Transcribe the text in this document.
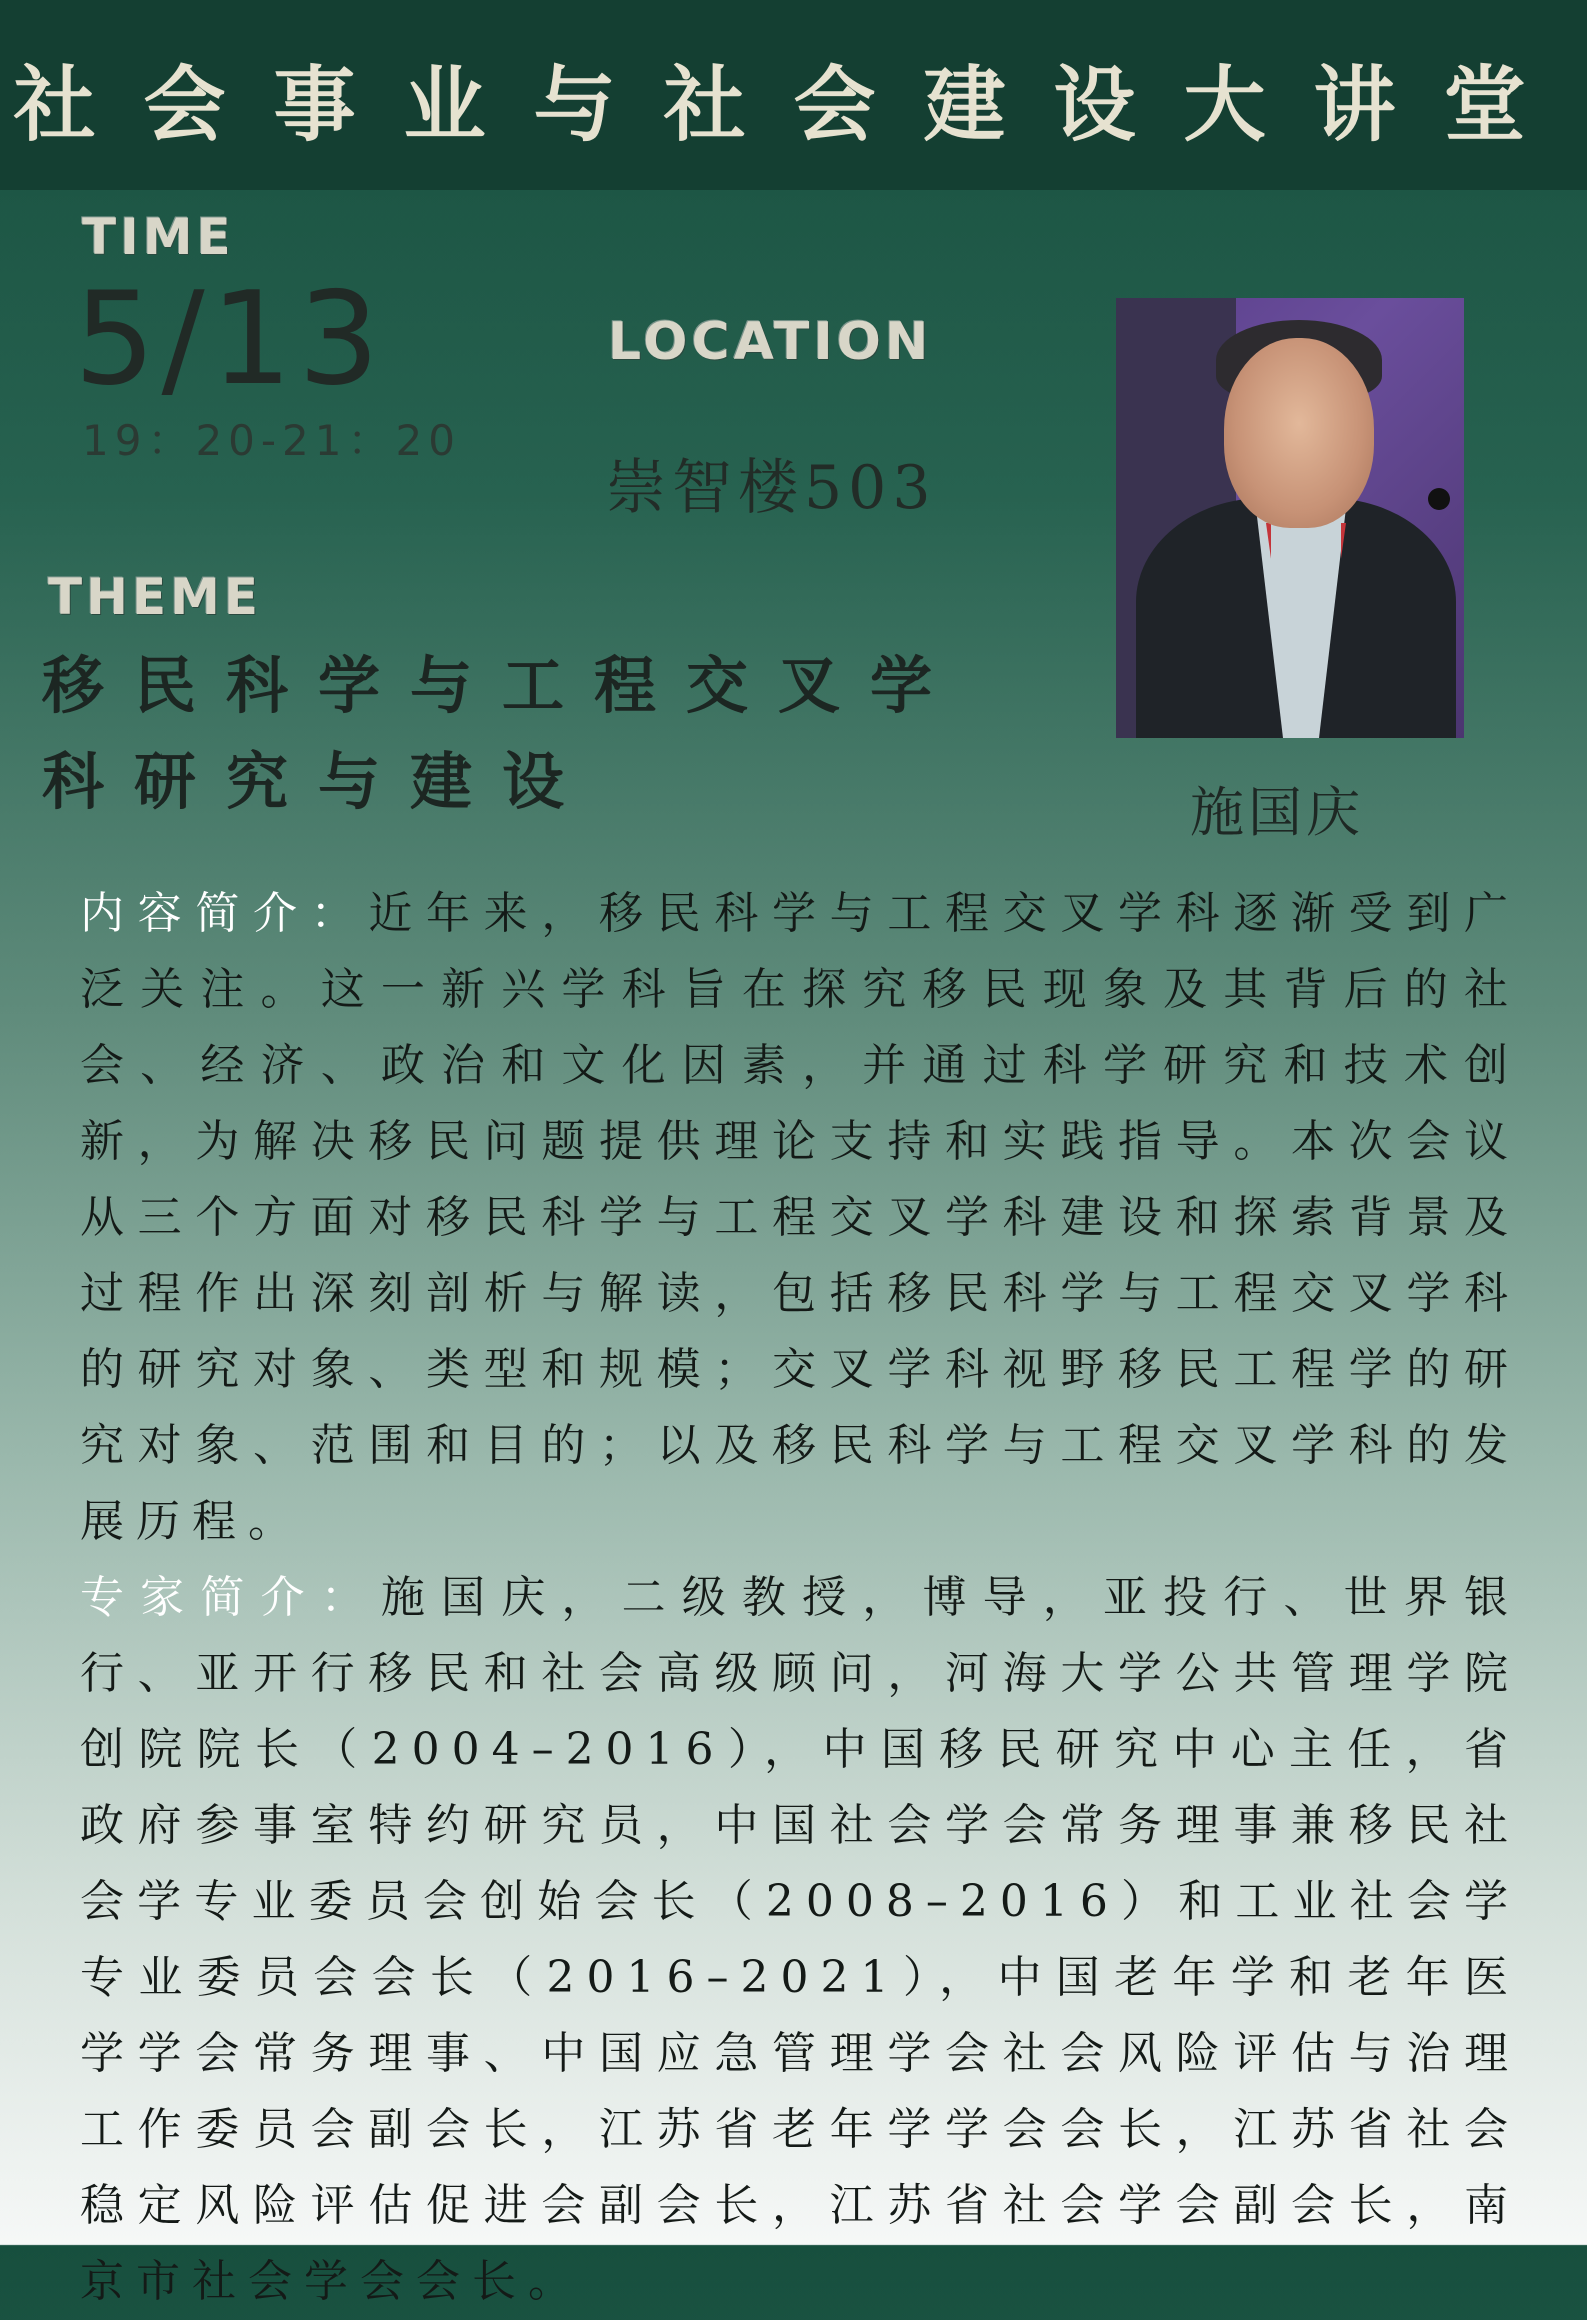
社会事业与社会建设大讲堂
TIME
5/13
19：20-21：20
LOCATION
崇智楼503
THEME
移民科学与工程交叉学科研究与建设	施国庆

内容简介：近年来，移民科学与工程交叉学科逐渐受到广泛关注。这一新兴学科旨在探究移民现象及其背后的社会、经济、政治和文化因素，并通过科学研究和技术创新，为解决移民问题提供理论支持和实践指导。本次会议从三个方面对移民科学与工程交叉学科建设和探索背景及过程作出深刻剖析与解读，包括移民科学与工程交叉学科的研究对象、类型和规模；交叉学科视野移民工程学的研究对象、范围和目的；以及移民科学与工程交叉学科的发展历程。

专家简介：施国庆，二级教授，博导，亚投行、世界银行、亚开行移民和社会高级顾问，河海大学公共管理学院创院院长（2004–2016），中国移民研究中心主任，省政府参事室特约研究员，中国社会学会常务理事兼移民社会学专业委员会创始会长（2008–2016）和工业社会学专业委员会会长（2016–2021），中国老年学和老年医学学会常务理事、中国应急管理学会社会风险评估与治理工作委员会副会长，江苏省老年学学会会长，江苏省社会稳定风险评估促进会副会长，江苏省社会学会副会长，南京市社会学会会长。
